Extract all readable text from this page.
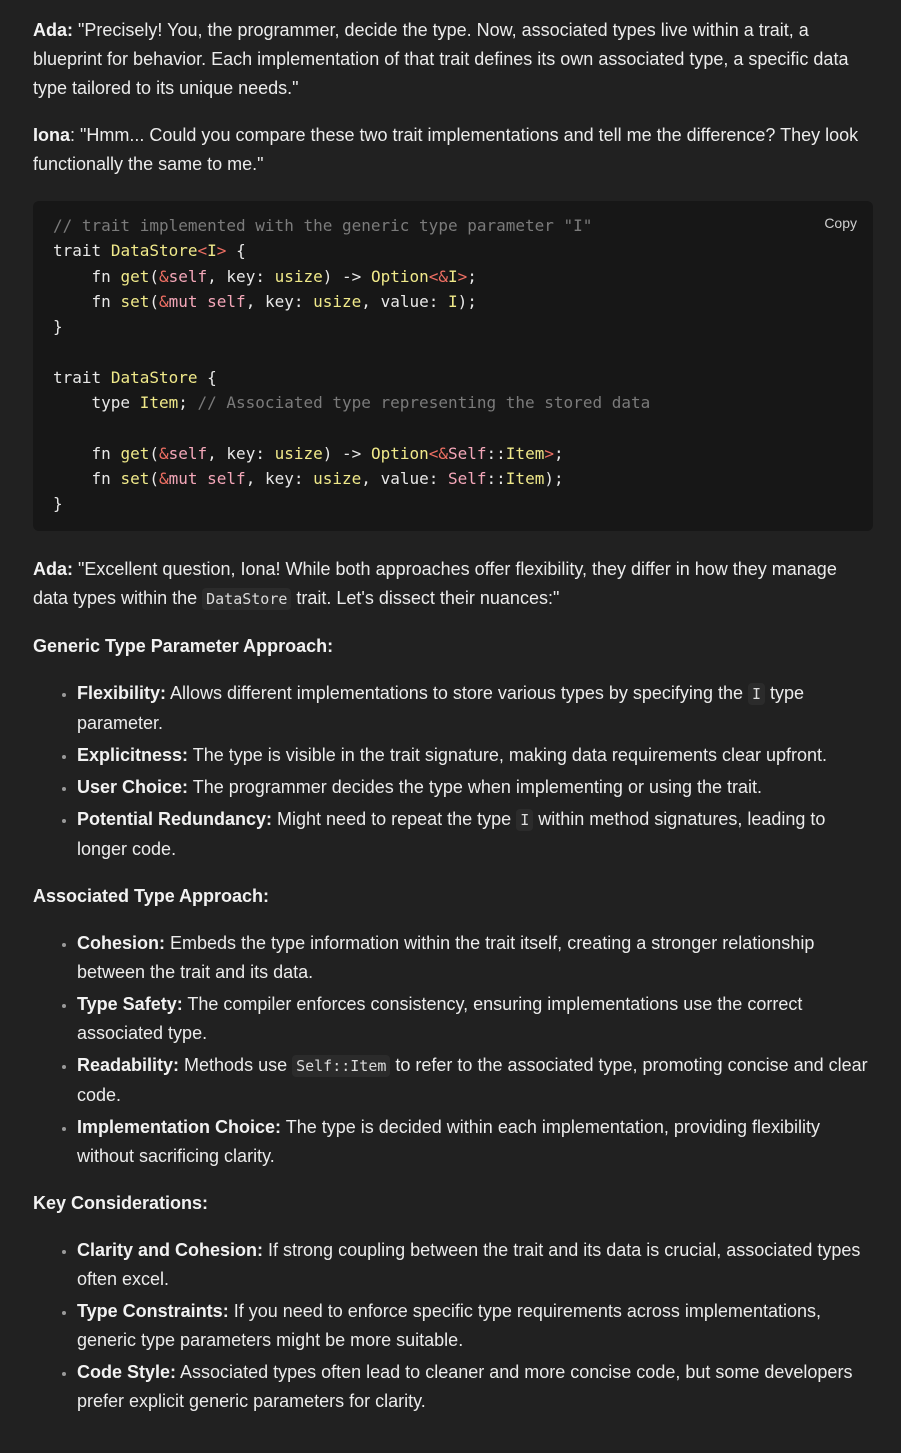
Ada: "Precisely! You, the programmer, decide the type. Now, associated types live within a trait, a blueprint for behavior. Each implementation of that trait defines its own associated type, a specific data type tailored to its unique needs."

Iona: "Hmm... Could you compare these two trait implementations and tell me the difference? They look functionally the same to me."

Copy
// trait implemented with the generic type parameter "I"
trait DataStore<I> {
fn get(&self, key: usize) -> Option<&I>;
fn set(&mut self, key: usize, value: I);
}

trait DataStore {
type Item; // Associated type representing the stored data

fn get(&self, key: usize) -> Option<&Self::Item>;
fn set(&mut self, key: usize, value: Self::Item);
}

Ada: "Excellent question, Iona! While both approaches offer flexibility, they differ in how they manage data types within the DataStore trait. Let's dissect their nuances:"

Generic Type Parameter Approach:
• Flexibility: Allows different implementations to store various types by specifying the I type parameter.
• Explicitness: The type is visible in the trait signature, making data requirements clear upfront.
• User Choice: The programmer decides the type when implementing or using the trait.
• Potential Redundancy: Might need to repeat the type I within method signatures, leading to longer code.
Associated Type Approach:
• Cohesion: Embeds the type information within the trait itself, creating a stronger relationship between the trait and its data.
• Type Safety: The compiler enforces consistency, ensuring implementations use the correct associated type.
• Readability: Methods use Self::Item to refer to the associated type, promoting concise and clear code.
• Implementation Choice: The type is decided within each implementation, providing flexibility without sacrificing clarity.
Key Considerations:
• Clarity and Cohesion: If strong coupling between the trait and its data is crucial, associated types often excel.
• Type Constraints: If you need to enforce specific type requirements across implementations, generic type parameters might be more suitable.
• Code Style: Associated types often lead to cleaner and more concise code, but some developers prefer explicit generic parameters for clarity.
